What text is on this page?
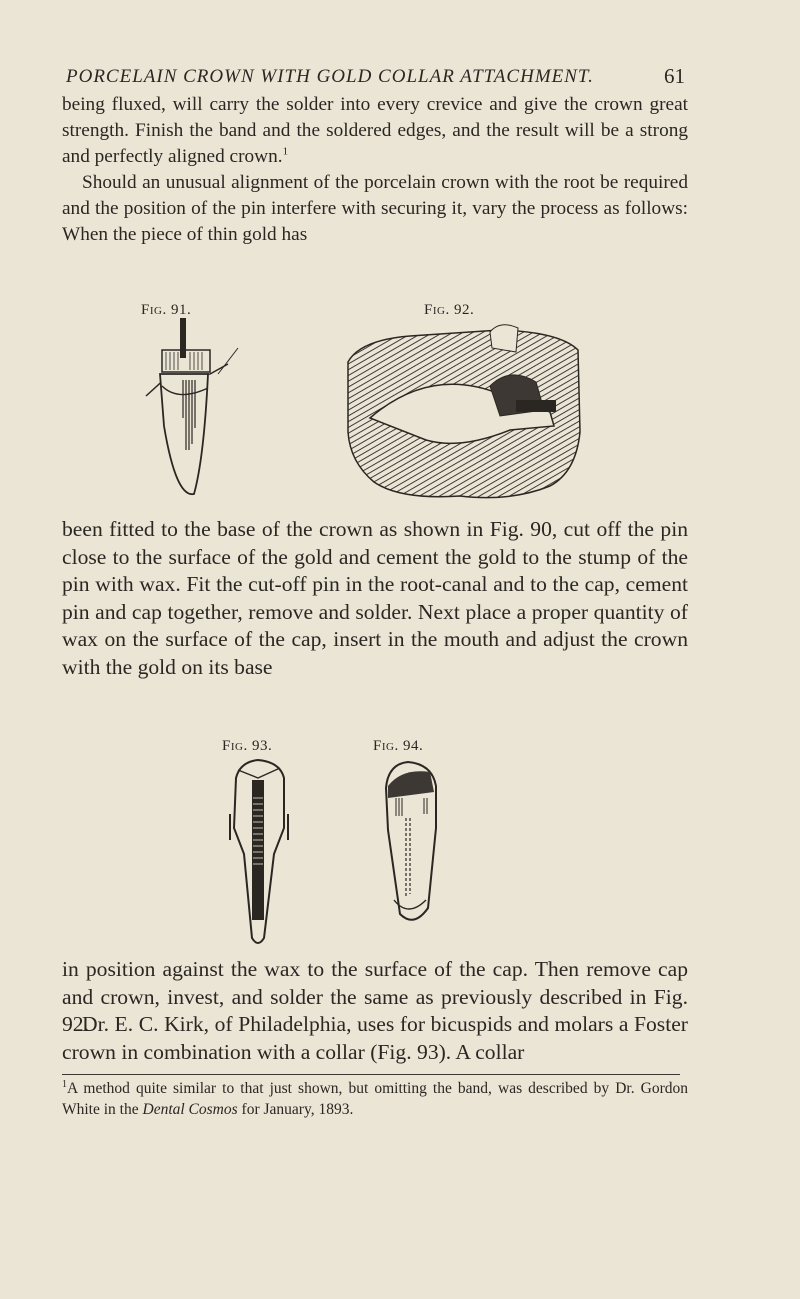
PORCELAIN CROWN WITH GOLD COLLAR ATTACHMENT.	61

being fluxed, will carry the solder into every crevice and give the crown great strength. Finish the band and the soldered edges, and the result will be a strong and perfectly aligned crown.$^1$

Should an unusual alignment of the porcelain crown with the root be required and the position of the pin interfere with securing it, vary the process as follows: When the piece of thin gold has

Fig. 91.	Fig. 92.

been fitted to the base of the crown as shown in Fig. 90, cut off the pin close to the surface of the gold and cement the gold to the stump of the pin with wax. Fit the cut-off pin in the root-canal and to the cap, cement pin and cap together, remove and solder. Next place a proper quantity of wax on the surface of the cap, insert in the mouth and adjust the crown with the gold on its base

Fig. 93.	Fig. 94.

in position against the wax to the surface of the cap. Then remove cap and crown, invest, and solder the same as previously described in Fig. 92.

Dr. E. C. Kirk, of Philadelphia, uses for bicuspids and molars a Foster crown in combination with a collar (Fig. 93). A collar

$^1$A method quite similar to that just shown, but omitting the band, was described by Dr. Gordon White in the Dental Cosmos for January, 1893.
